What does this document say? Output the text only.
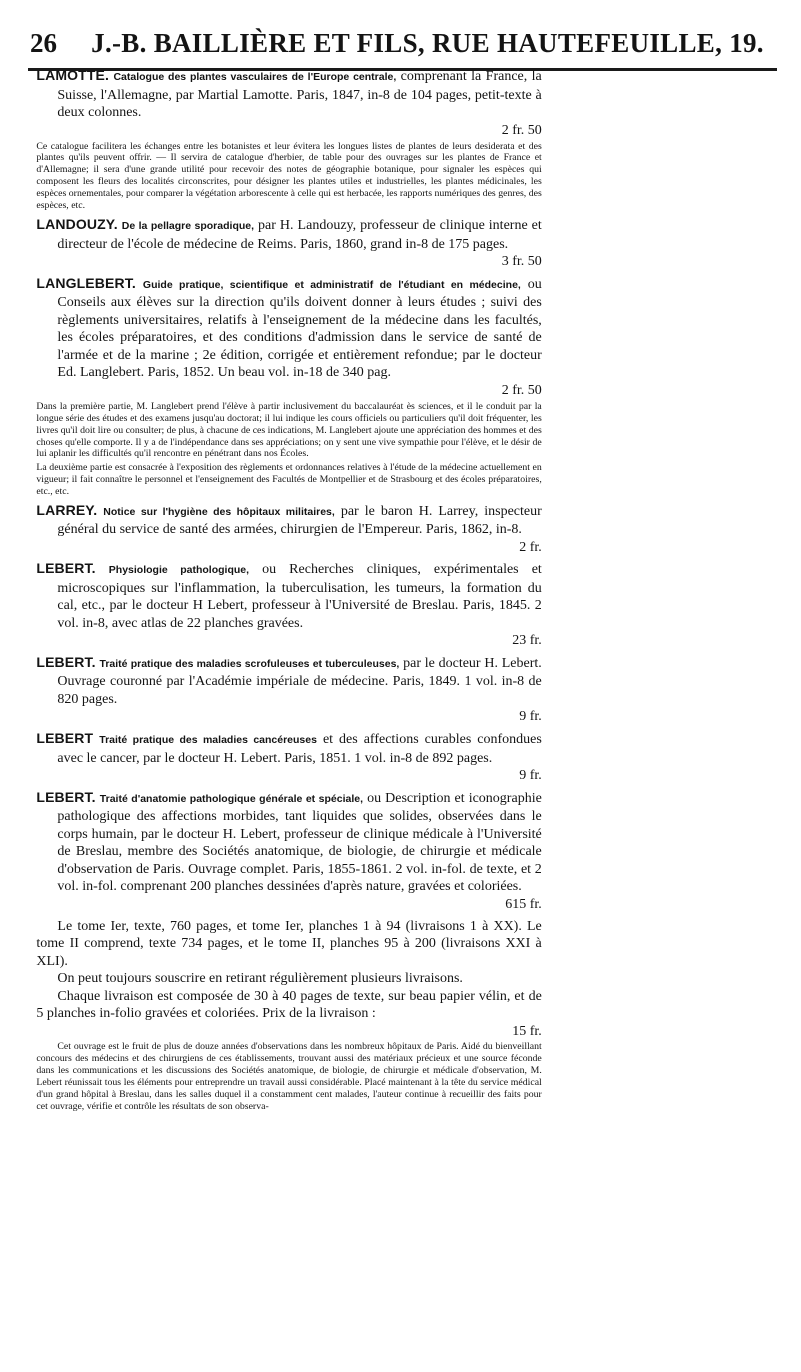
26	J.-B. BAILLIÈRE ET FILS, RUE HAUTEFEUILLE, 19.

LAMOTTE. Catalogue des plantes vasculaires de l'Europe centrale, comprenant la France, la Suisse, l'Allemagne, par Martial Lamotte. Paris, 1847, in-8 de 104 pages, petit-texte à deux colonnes.

2 fr. 50

Ce catalogue facilitera les échanges entre les botanistes et leur évitera les longues listes de plantes de leurs desiderata et des plantes qu'ils peuvent offrir. — Il servira de catalogue d'herbier, de table pour des ouvrages sur les plantes de France et d'Allemagne; il sera d'une grande utilité pour recevoir des notes de géographie botanique, pour signaler les espèces qui composent les fleurs des localités circonscrites, pour désigner les plantes utiles et industrielles, les plantes médicinales, les espèces ornementales, pour comparer la végétation arborescente à celle qui est herbacée, les rapports numériques des genres, des espèces, etc.

LANDOUZY. De la pellagre sporadique, par H. Landouzy, professeur de clinique interne et directeur de l'école de médecine de Reims. Paris, 1860, grand in-8 de 175 pages.

3 fr. 50

LANGLEBERT. Guide pratique, scientifique et administratif de l'étudiant en médecine, ou Conseils aux élèves sur la direction qu'ils doivent donner à leurs études ; suivi des règlements universitaires, relatifs à l'enseignement de la médecine dans les facultés, les écoles préparatoires, et des conditions d'admission dans le service de santé de l'armée et de la marine ; 2e édition, corrigée et entièrement refondue; par le docteur Ed. Langlebert. Paris, 1852. Un beau vol. in-18 de 340 pag.

2 fr. 50

Dans la première partie, M. Langlebert prend l'élève à partir inclusivement du baccalauréat ès sciences, et il le conduit par la longue série des études et des examens jusqu'au doctorat; il lui indique les cours officiels ou particuliers qu'il doit fréquenter, les livres qu'il doit lire ou consulter; de plus, à chacune de ces indications, M. Langlebert ajoute une appréciation des hommes et des choses qu'elle comporte. Il y a de l'indépendance dans ses appréciations; on y sent une vive sympathie pour l'élève, et le désir de lui aplanir les difficultés qu'il rencontre en pénétrant dans nos Écoles.

La deuxième partie est consacrée à l'exposition des règlements et ordonnances relatives à l'étude de la médecine actuellement en vigueur; il fait connaître le personnel et l'enseignement des Facultés de Montpellier et de Strasbourg et des écoles préparatoires, etc., etc.

LARREY. Notice sur l'hygiène des hôpitaux militaires, par le baron H. Larrey, inspecteur général du service de santé des armées, chirurgien de l'Empereur. Paris, 1862, in-8.

2 fr.

LEBERT. Physiologie pathologique, ou Recherches cliniques, expérimentales et microscopiques sur l'inflammation, la tuberculisation, les tumeurs, la formation du cal, etc., par le docteur H Lebert, professeur à l'Université de Breslau. Paris, 1845. 2 vol. in-8, avec atlas de 22 planches gravées.

23 fr.

LEBERT. Traité pratique des maladies scrofuleuses et tuberculeuses, par le docteur H. Lebert. Ouvrage couronné par l'Académie impériale de médecine. Paris, 1849. 1 vol. in-8 de 820 pages.

9 fr.

LEBERT Traité pratique des maladies cancéreuses et des affections curables confondues avec le cancer, par le docteur H. Lebert. Paris, 1851. 1 vol. in-8 de 892 pages.

9 fr.

LEBERT. Traité d'anatomie pathologique générale et spéciale, ou Description et iconographie pathologique des affections morbides, tant liquides que solides, observées dans le corps humain, par le docteur H. Lebert, professeur de clinique médicale à l'Université de Breslau, membre des Sociétés anatomique, de biologie, de chirurgie et médicale d'observation de Paris. Ouvrage complet. Paris, 1855-1861. 2 vol. in-fol. de texte, et 2 vol. in-fol. comprenant 200 planches dessinées d'après nature, gravées et coloriées.

615 fr.

Le tome Ier, texte, 760 pages, et tome Ier, planches 1 à 94 (livraisons 1 à XX). Le tome II comprend, texte 734 pages, et le tome II, planches 95 à 200 (livraisons XXI à XLI).

On peut toujours souscrire en retirant régulièrement plusieurs livraisons.

Chaque livraison est composée de 30 à 40 pages de texte, sur beau papier vélin, et de 5 planches in-folio gravées et coloriées. Prix de la livraison :

15 fr.

Cet ouvrage est le fruit de plus de douze années d'observations dans les nombreux hôpitaux de Paris. Aidé du bienveillant concours des médecins et des chirurgiens de ces établissements, trouvant aussi des matériaux précieux et une source féconde dans les communications et les discussions des Sociétés anatomique, de biologie, de chirurgie et médicale d'observation, M. Lebert réunissait tous les éléments pour entreprendre un travail aussi considérable. Placé maintenant à la tête du service médical d'un grand hôpital à Breslau, dans les salles duquel il a constamment cent malades, l'auteur continue à recueillir des faits pour cet ouvrage, vérifie et contrôle les résultats de son observa-
